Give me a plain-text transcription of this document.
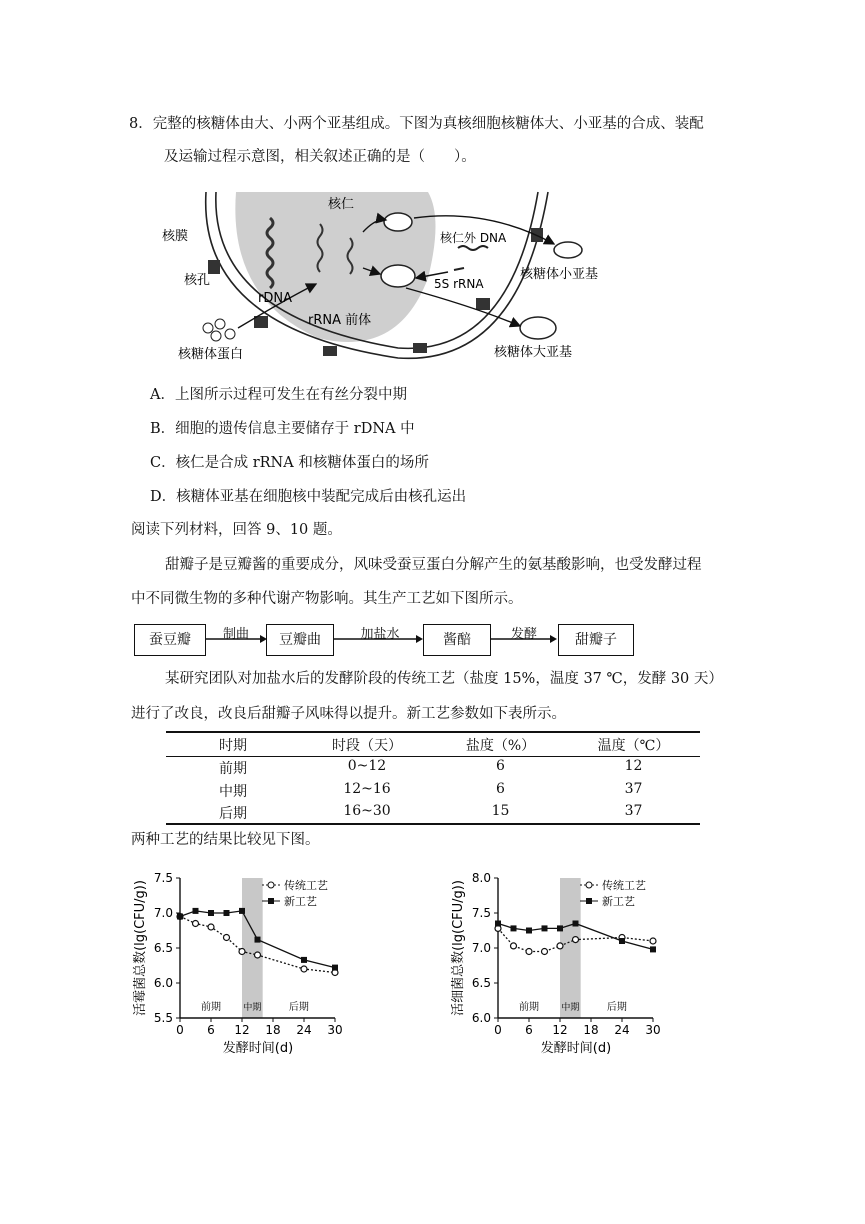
8．完整的核糖体由大、小两个亚基组成。下图为真核细胞核糖体大、小亚基的合成、装配
及运输过程示意图，相关叙述正确的是（　　）。
核膜
核孔
核仁
rDNA
rRNA 前体
核仁外 DNA
5S rRNA
核糖体蛋白
核糖体小亚基
核糖体大亚基
A．上图所示过程可发生在有丝分裂中期
B．细胞的遗传信息主要储存于 rDNA 中
C．核仁是合成 rRNA 和核糖体蛋白的场所
D．核糖体亚基在细胞核中装配完成后由核孔运出
阅读下列材料，回答 9、10 题。
甜瓣子是豆瓣酱的重要成分，风味受蚕豆蛋白分解产生的氨基酸影响，也受发酵过程
中不同微生物的多种代谢产物影响。其生产工艺如下图所示。
蚕豆瓣	豆瓣曲	酱醅	甜瓣子
制曲	加盐水	发酵
某研究团队对加盐水后的发酵阶段的传统工艺（盐度 15%，温度 37 ℃，发酵 30 天）
进行了改良，改良后甜瓣子风味得以提升。新工艺参数如下表所示。
时期	时段（天）	盐度（%）	温度（℃）
前期	0~12	6	12
中期	12~16	6	37
后期	16~30	15	37
两种工艺的结果比较见下图。
5.5
6.0
6.5
7.0
7.5
0 6 12 18 24 30
发酵时间(d)
活霉菌总数(lg(CFU/g))	前期 中期	后期
传统工艺
新工艺
6.0
6.5
7.0
7.5
8.0
0 6 12 18 24 30
发酵时间(d)
活细菌总数(lg(CFU/g))	前期 中期	后期
传统工艺
新工艺
